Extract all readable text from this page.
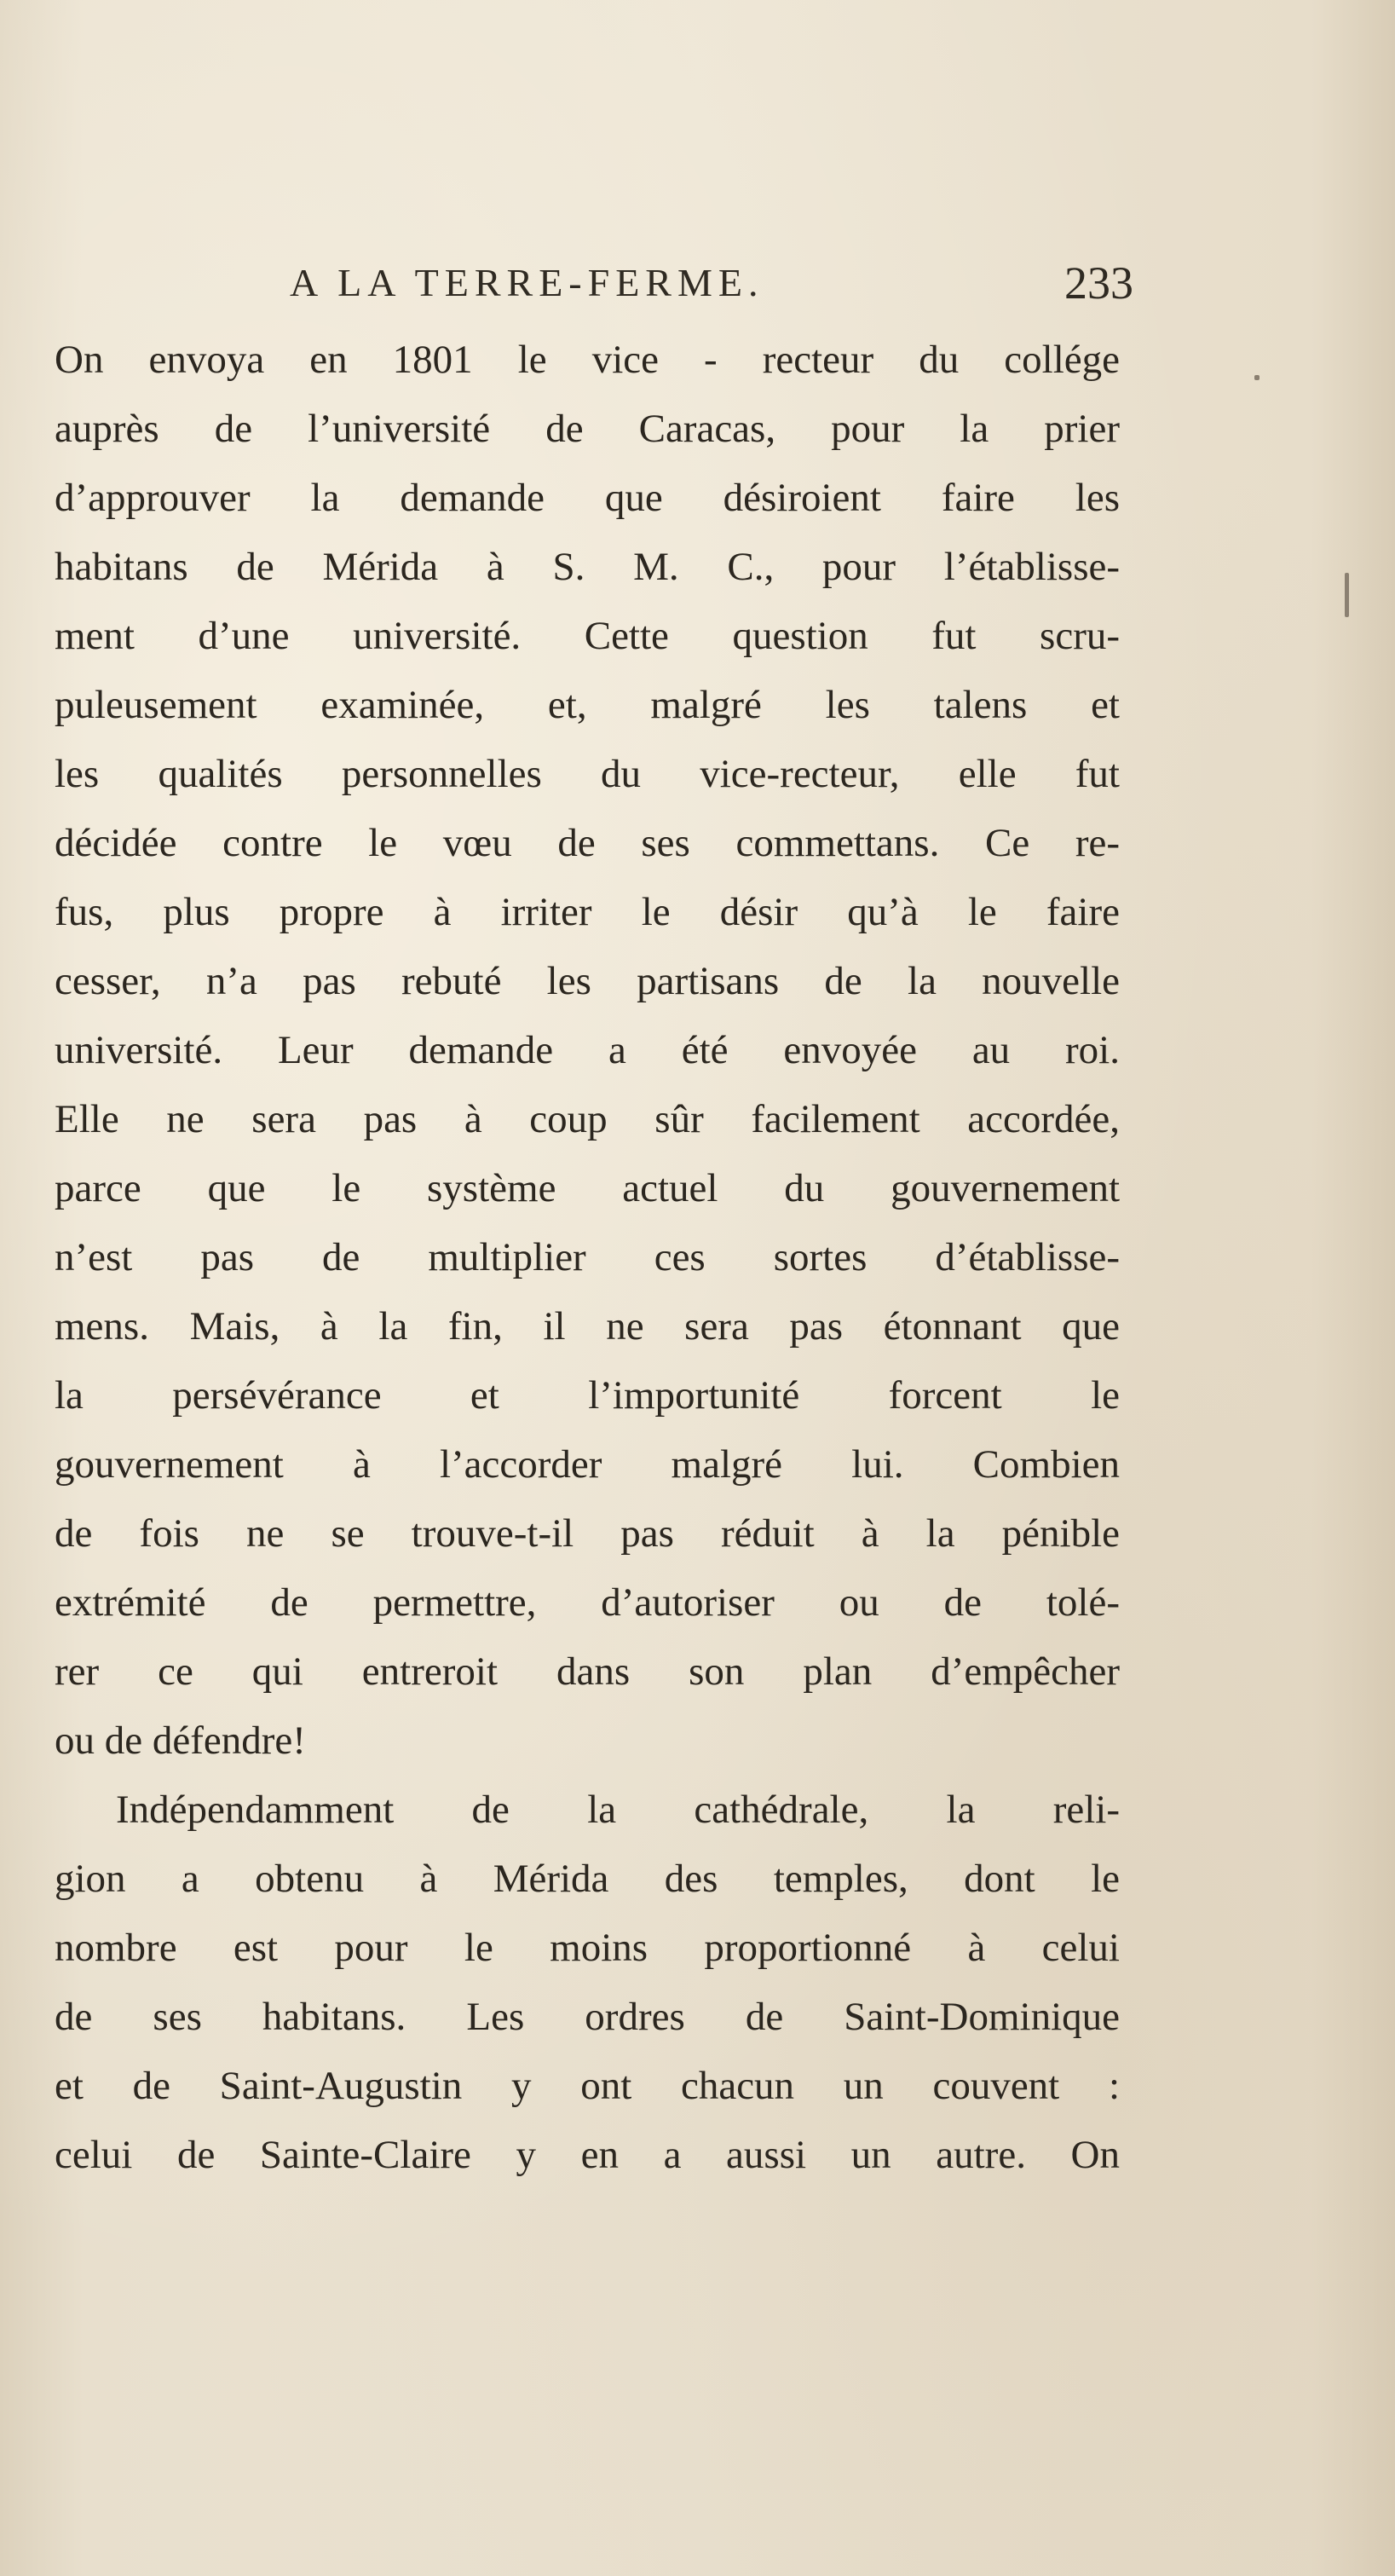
A LA TERRE-FERME.	233
On envoya en 1801 le vice - recteur du collége
auprès de l’université de Caracas, pour la prier
d’approuver la demande que désiroient faire les
habitans de Mérida à S. M. C., pour l’établisse-
ment d’une université. Cette question fut scru-
puleusement examinée, et, malgré les talens et
les qualités personnelles du vice-recteur, elle fut
décidée contre le vœu de ses commettans. Ce re-
fus, plus propre à irriter le désir qu’à le faire
cesser, n’a pas rebuté les partisans de la nouvelle
université. Leur demande a été envoyée au roi.
Elle ne sera pas à coup sûr facilement accordée,
parce que le système actuel du gouvernement
n’est pas de multiplier ces sortes d’établisse-
mens. Mais, à la fin, il ne sera pas étonnant que
la persévérance et l’importunité forcent le
gouvernement à l’accorder malgré lui. Combien
de fois ne se trouve-t-il pas réduit à la pénible
extrémité de permettre, d’autoriser ou de tolé-
rer ce qui entreroit dans son plan d’empêcher
ou de défendre!
Indépendamment de la cathédrale, la reli-
gion a obtenu à Mérida des temples, dont le
nombre est pour le moins proportionné à celui
de ses habitans. Les ordres de Saint-Dominique
et de Saint-Augustin y ont chacun un couvent :
celui de Sainte-Claire y en a aussi un autre. On
